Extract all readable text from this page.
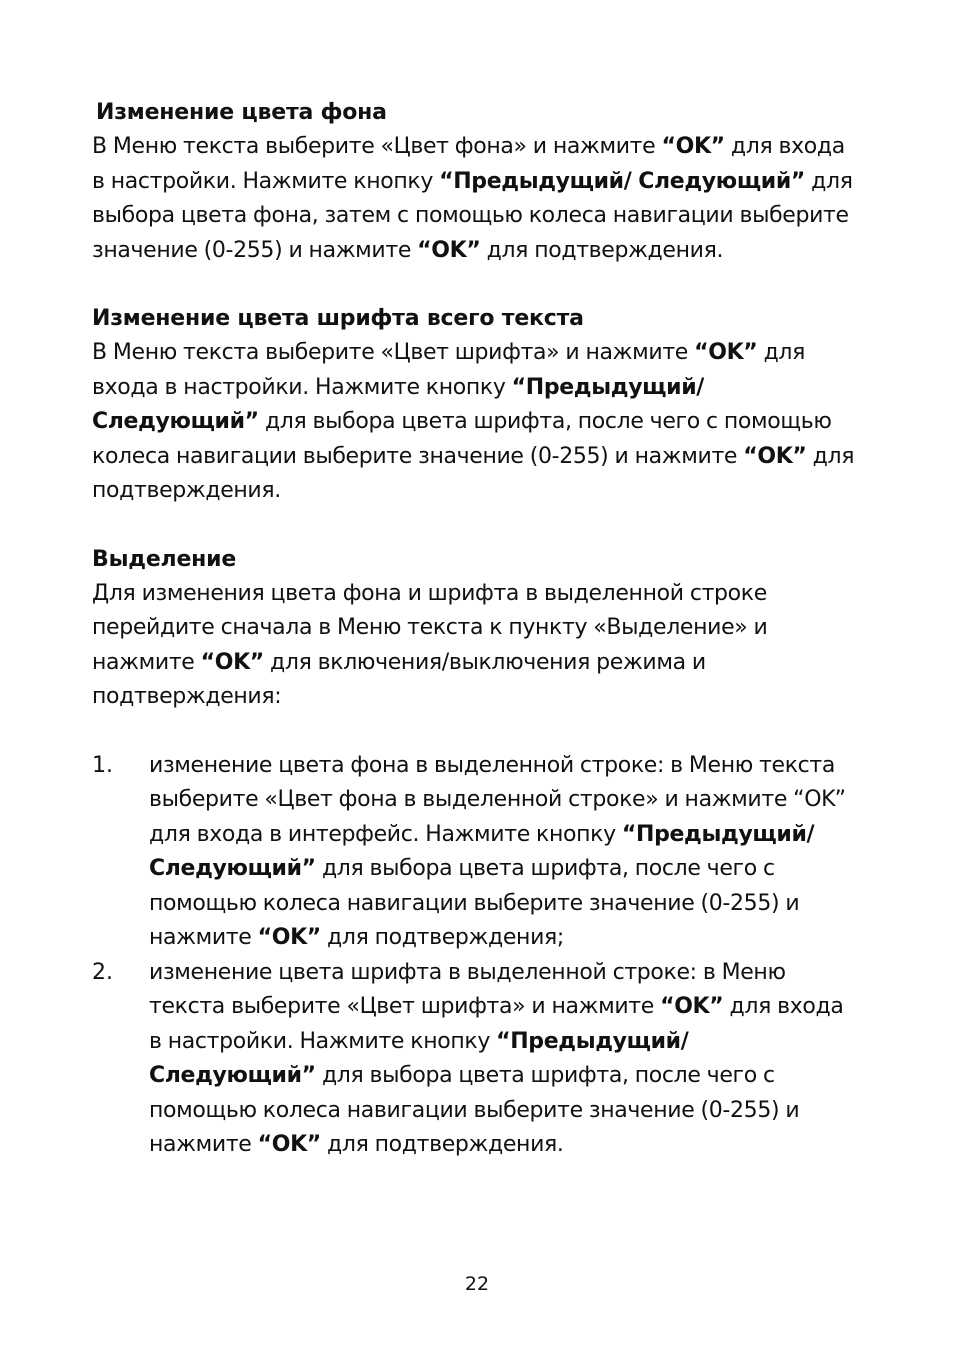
Изменение цвета фона

В Меню текста выберите «Цвет фона» и нажмите “OK” для входа в настройки. Нажмите кнопку “Предыдущий/ Следующий” для выбора цвета фона, затем с помощью колеса навигации выберите значение (0-255) и нажмите “OK” для подтверждения.

Изменение цвета шрифта всего текста

В Меню текста выберите «Цвет шрифта» и нажмите “OK” для входа в настройки. Нажмите кнопку “Предыдущий/ Следующий” для выбора цвета шрифта, после чего с помощью колеса навигации выберите значение (0-255) и нажмите “OK” для подтверждения.

Выделение

Для изменения цвета фона и шрифта в выделенной строке перейдите сначала в Меню текста к пункту «Выделение» и нажмите “OK” для включения/выключения режима и подтверждения:

1. изменение цвета фона в выделенной строке: в Меню текста выберите «Цвет фона в выделенной строке» и нажмите “OK” для входа в интерфейс. Нажмите кнопку “Предыдущий/Следующий” для выбора цвета шрифта, после чего с помощью колеса навигации выберите значение (0-255) и нажмите “OK” для подтверждения;
2. изменение цвета шрифта в выделенной строке: в Меню текста выберите «Цвет шрифта» и нажмите “OK” для входа в настройки. Нажмите кнопку “Предыдущий/ Следующий” для выбора цвета шрифта, после чего с помощью колеса навигации выберите значение (0-255) и нажмите “OK” для подтверждения.
22
